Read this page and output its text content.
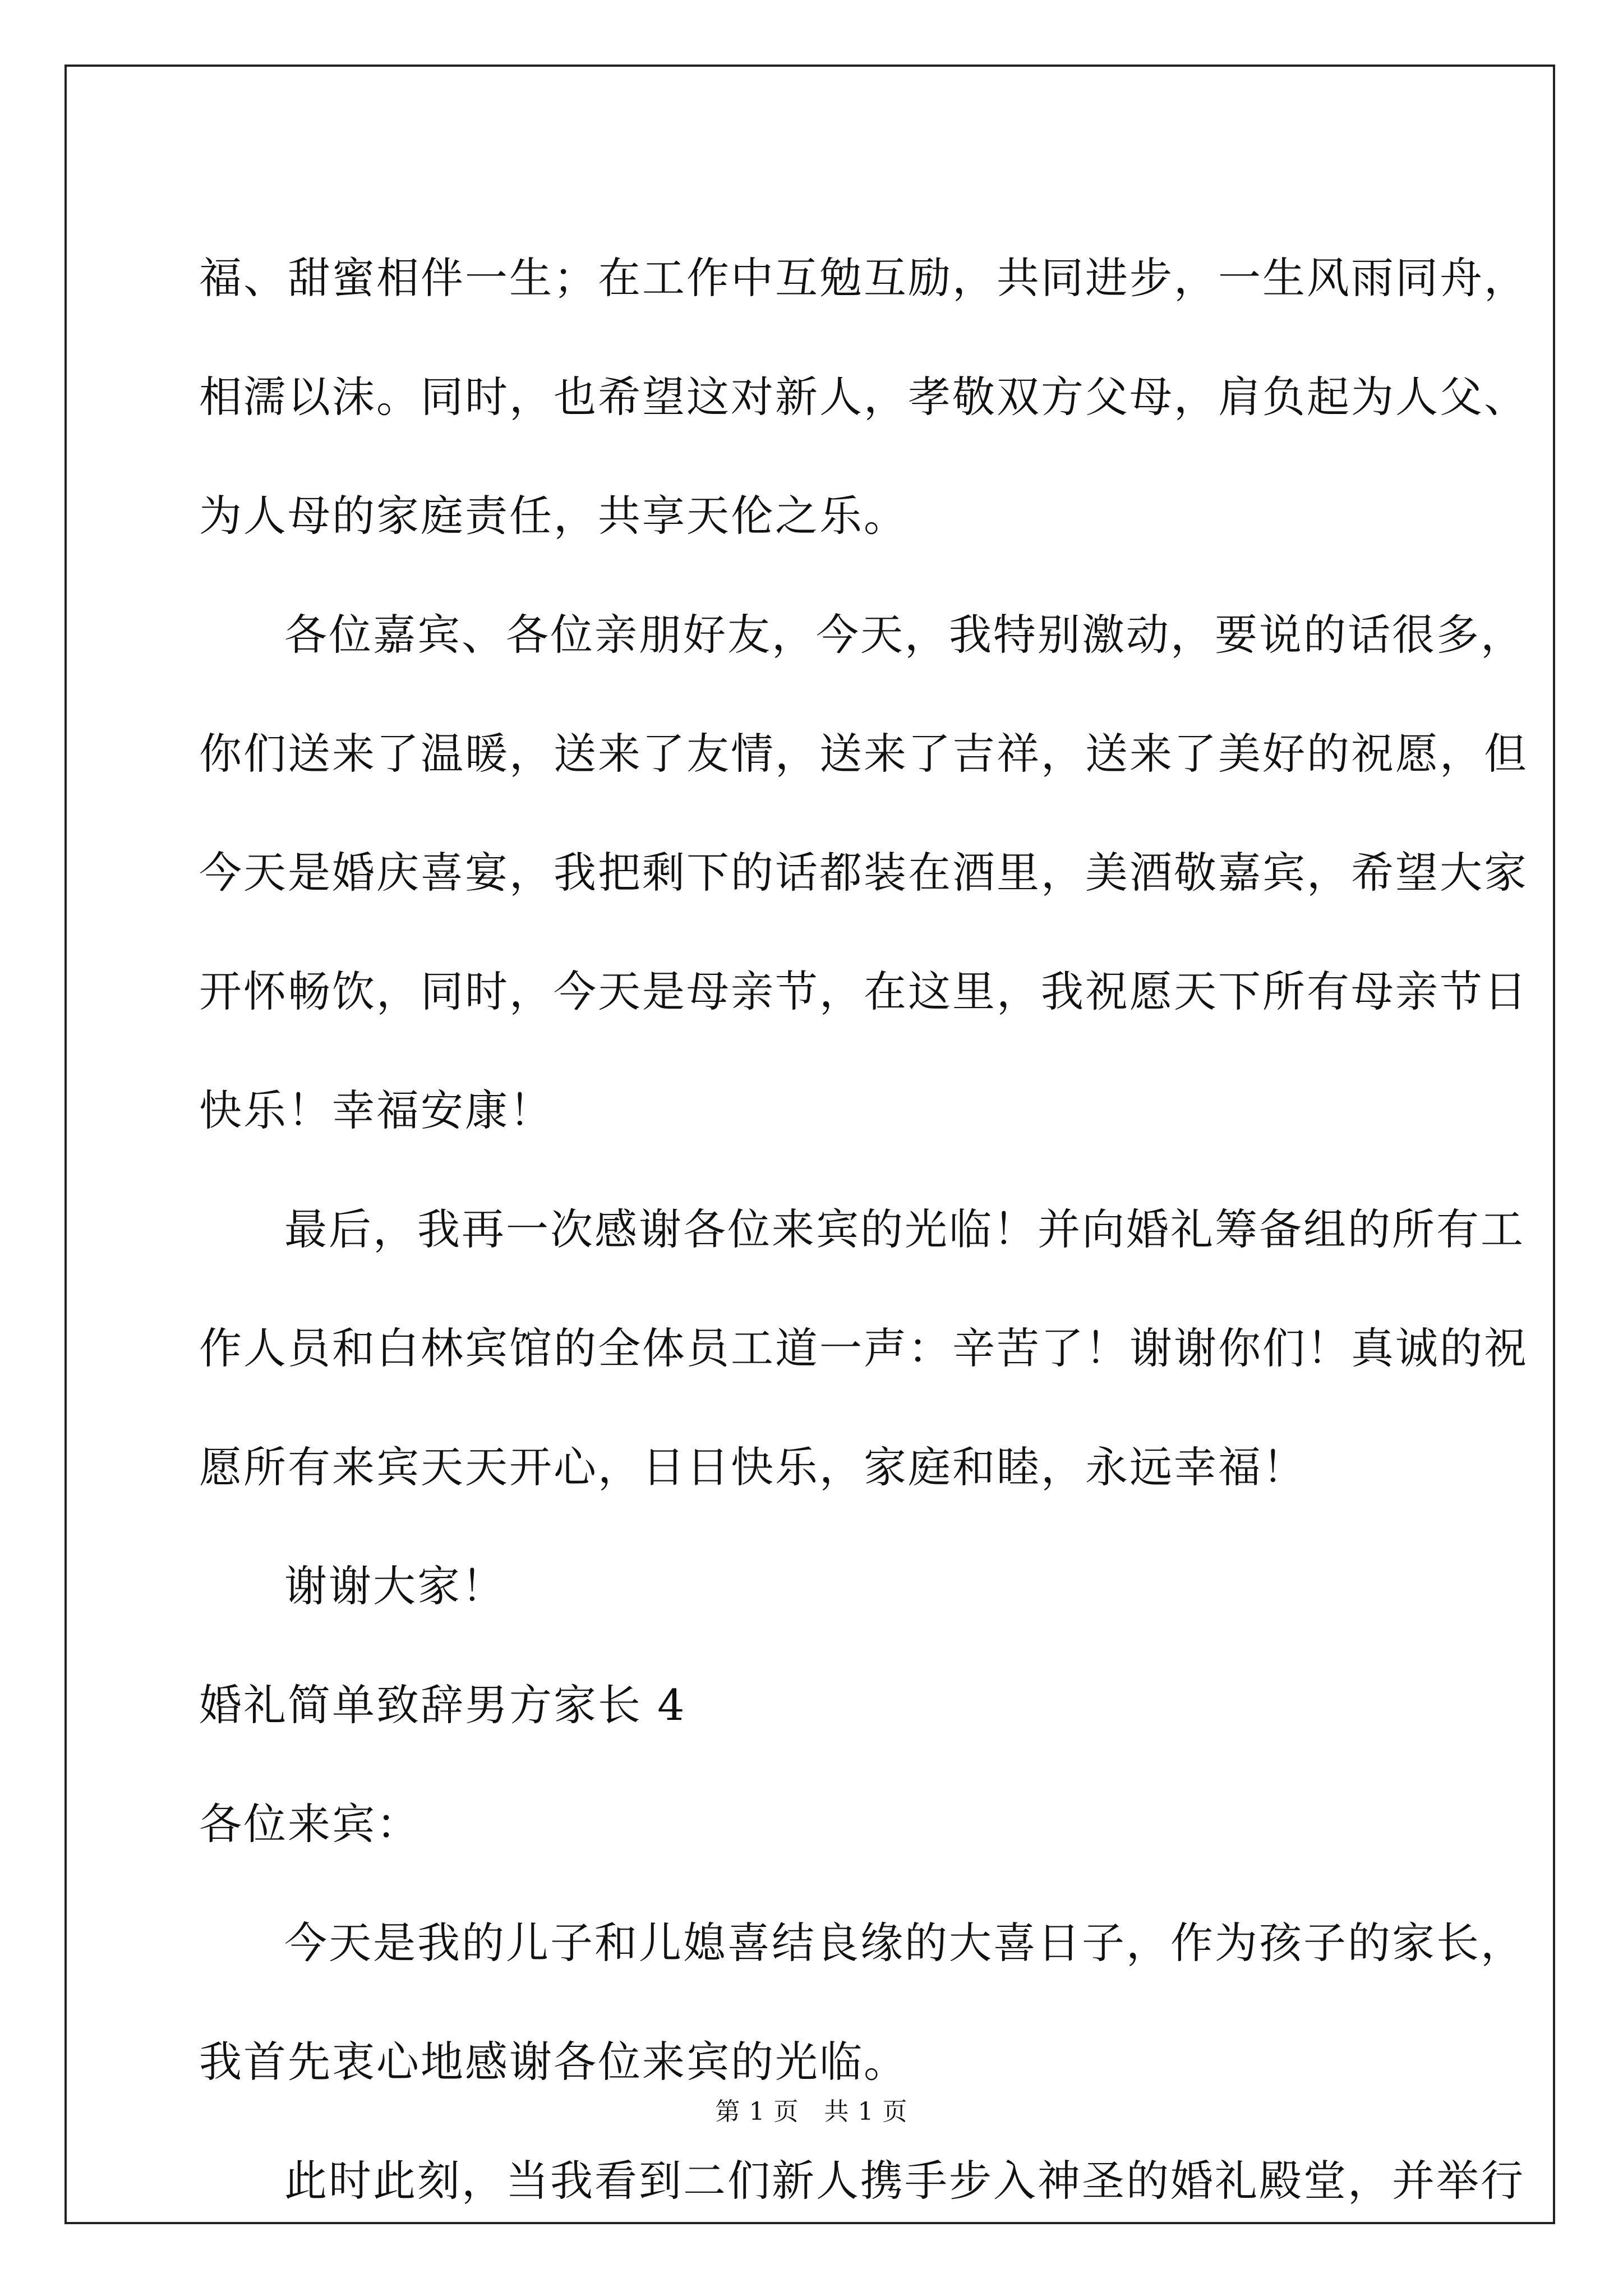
福、甜蜜相伴一生；在工作中互勉互励，共同进步，一生风雨同舟，
相濡以沫。同时，也希望这对新人，孝敬双方父母，肩负起为人父、
为人母的家庭责任，共享天伦之乐。
各位嘉宾、各位亲朋好友，今天，我特别激动，要说的话很多，
你们送来了温暖，送来了友情，送来了吉祥，送来了美好的祝愿，但
今天是婚庆喜宴，我把剩下的话都装在酒里，美酒敬嘉宾，希望大家
开怀畅饮，同时，今天是母亲节，在这里，我祝愿天下所有母亲节日
快乐！幸福安康！
最后，我再一次感谢各位来宾的光临！并向婚礼筹备组的所有工
作人员和白林宾馆的全体员工道一声：辛苦了！谢谢你们！真诚的祝
愿所有来宾天天开心，日日快乐，家庭和睦，永远幸福！
谢谢大家！
婚礼简单致辞男方家长 4
各位来宾：
今天是我的儿子和儿媳喜结良缘的大喜日子，作为孩子的家长，
我首先衷心地感谢各位来宾的光临。
此时此刻，当我看到二们新人携手步入神圣的婚礼殿堂，并举行
第 1 页   共 1 页
